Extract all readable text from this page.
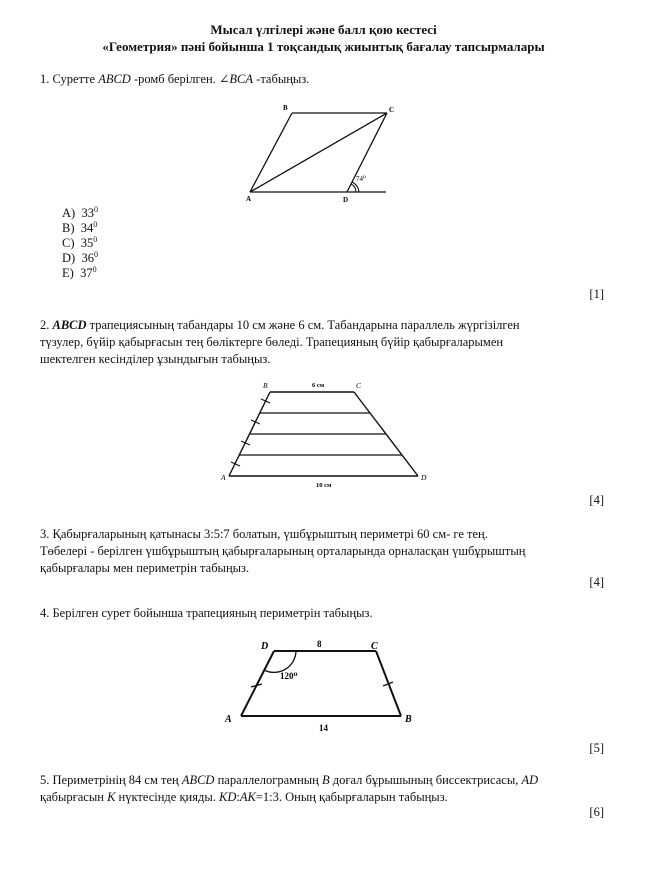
Мысал үлгілері және балл қою кестесі
«Геометрия» пәні бойынша 1 тоқсандық жиынтық бағалау тапсырмалары
1. Суретте ABCD -ромб берілген. ∠BCA -табыңыз.
A
B	C
D
74⁰
A) $33^0$
B) $34^0$
C) $35^0$
D) $36^0$
E) $37^0$
[1]
2. ABCD трапециясының табандары 10 см және 6 см. Табандарына параллель жүргізілген
түзулер, бүйір қабырғасын тең бөліктерге бөледі. Трапецияның бүйір қабырғаларымен
шектелген кесінділер ұзындығын табыңыз.
B	C
A	D
6 см
10 см
[4]
3. Қабырғаларының қатынасы 3:5:7 болатын, үшбұрыштың периметрі 60 см- ге тең.
Төбелері - берілген үшбұрыштың қабырғаларының орталарында орналасқан үшбұрыштың
қабырғалары мен периметрін табыңыз.
[4]
4. Берілген сурет бойынша трапецияның периметрін табыңыз.
D	C
A	B
8
14
120⁰
[5]
5. Периметрінің 84 см тең ABCD параллелограмның B доғал бұрышының биссектрисасы, AD
қабырғасын K нүктесінде қияды. KD:AK=1:3. Оның қабырғаларын табыңыз.
[6]
